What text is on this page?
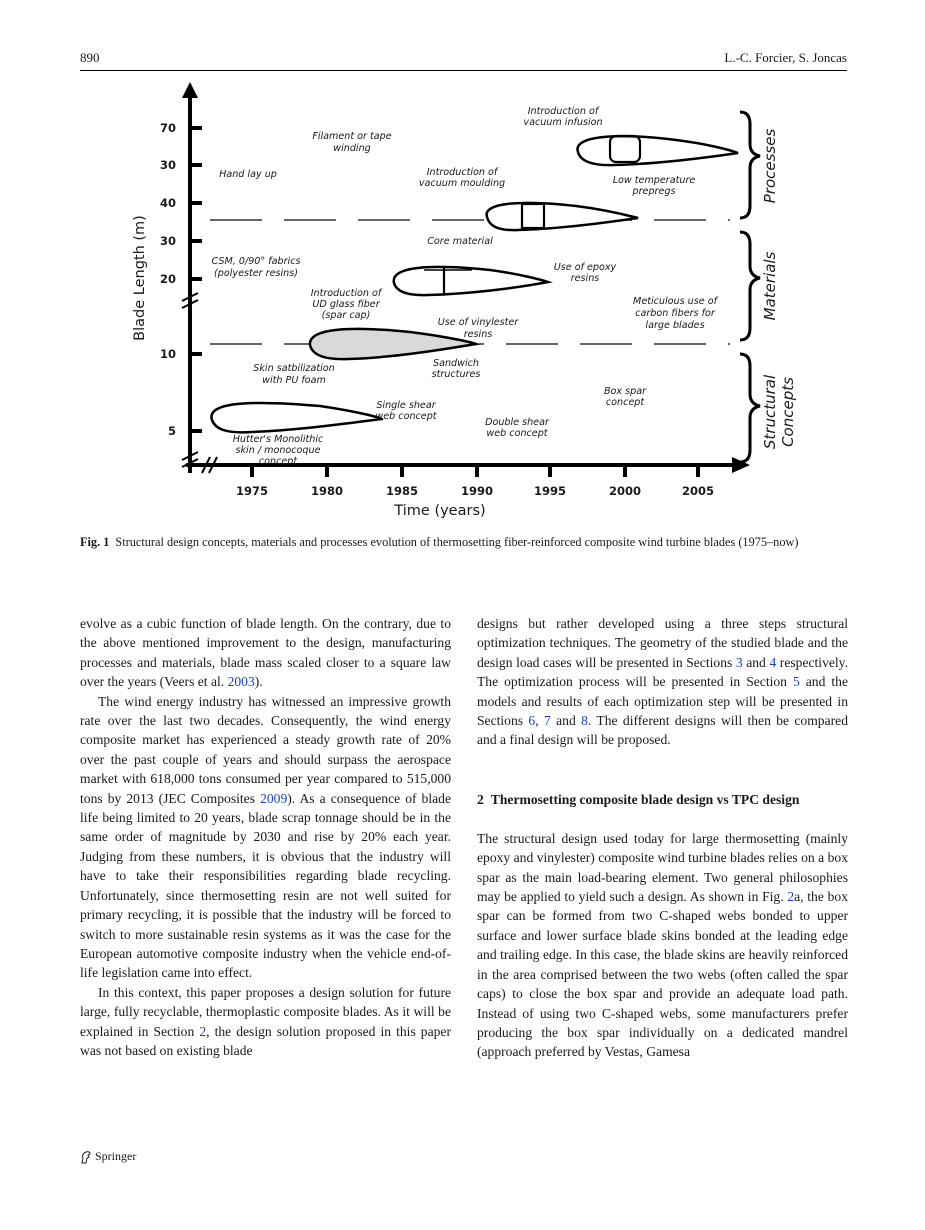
890	L.-C. Forcier, S. Joncas
70
30
40
30
20
10
5
1975	1980	1985	1990	1995	2000	2005
Time (years)
Blade Length (m)
Processes
Materials
Structural Concepts
Introduction of
vacuum infusion
Filament or tape
winding
Hand lay up	Introduction of
vacuum moulding	Low temperature
prepregs
Core material
CSM, 0/90° fabrics
(polyester resins)
Use of epoxy
resins
Introduction of
UD glass fiber
(spar cap)
Meticulous use of
carbon fibers for
large blades
Use of vinylester
resins
Sandwich
structures
Skin satbilization
with PU foam
Single shear
web concept
Box spar
concept
Double shear
web concept
Hutter's Monolithic
skin / monocoque
concept
Fig. 1 Structural design concepts, materials and processes evolution of thermosetting fiber-reinforced composite wind turbine blades (1975–now)

evolve as a cubic function of blade length. On the contrary, due to the above mentioned improvement to the design, manufacturing processes and materials, blade mass scaled closer to a square law over the years (Veers et al. 2003).

The wind energy industry has witnessed an impressive growth rate over the last two decades. Consequently, the wind energy composite market has experienced a steady growth rate of 20% over the past couple of years and should surpass the aerospace market with 618,000 tons consumed per year compared to 515,000 tons by 2013 (JEC Composites 2009). As a consequence of blade life being limited to 20 years, blade scrap tonnage should be in the same order of magnitude by 2030 and rise by 20% each year. Judging from these numbers, it is obvious that the industry will have to take their responsibilities regarding blade recycling. Unfortunately, since thermosetting resin are not well suited for primary recycling, it is possible that the industry will be forced to switch to more sustainable resin systems as it was the case for the European automotive composite industry when the vehicle end-of-life legislation came into effect.

In this context, this paper proposes a design solution for future large, fully recyclable, thermoplastic composite blades. As it will be explained in Section 2, the design solution proposed in this paper was not based on existing blade

designs but rather developed using a three steps structural optimization techniques. The geometry of the studied blade and the design load cases will be presented in Sections 3 and 4 respectively. The optimization process will be presented in Section 5 and the models and results of each optimization step will be presented in Sections 6, 7 and 8. The different designs will then be compared and a final design will be proposed.

2 Thermosetting composite blade design vs TPC design

The structural design used today for large thermosetting (mainly epoxy and vinylester) composite wind turbine blades relies on a box spar as the main load-bearing element. Two general philosophies may be applied to yield such a design. As shown in Fig. 2a, the box spar can be formed from two C-shaped webs bonded to upper surface and lower surface blade skins bonded at the leading edge and trailing edge. In this case, the blade skins are heavily reinforced in the area comprised between the two webs (often called the spar caps) to close the box spar and provide an adequate load path. Instead of using two C-shaped webs, some manufacturers prefer producing the box spar individually on a dedicated mandrel (approach preferred by Vestas, Gamesa

Springer
